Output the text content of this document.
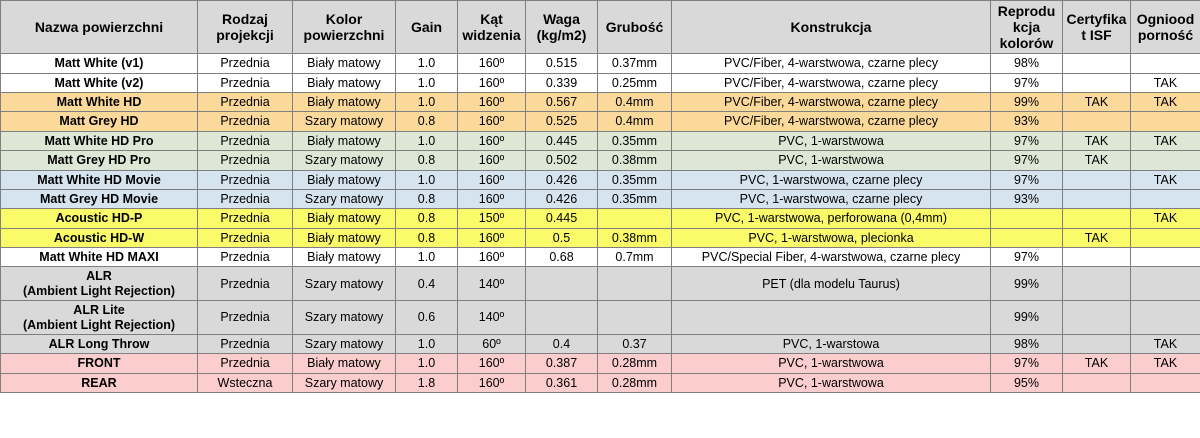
Nazwa powierzchni	Rodzaj projekcji	Kolor powierzchni	Gain	Kąt widzenia	Waga (kg/m2)	Grubość	Konstrukcja	Reprodukcja kolorów	Certyfikat ISF	Ognioodporność
Matt White (v1)	Przednia	Biały matowy	1.0	160º	0.515	0.37mm	PVC/Fiber, 4-warstwowa, czarne plecy	98%		
Matt White (v2)	Przednia	Biały matowy	1.0	160º	0.339	0.25mm	PVC/Fiber, 4-warstwowa, czarne plecy	97%		TAK
Matt White HD	Przednia	Biały matowy	1.0	160º	0.567	0.4mm	PVC/Fiber, 4-warstwowa, czarne plecy	99%	TAK	TAK
Matt Grey HD	Przednia	Szary matowy	0.8	160º	0.525	0.4mm	PVC/Fiber, 4-warstwowa, czarne plecy	93%		
Matt White HD Pro	Przednia	Biały matowy	1.0	160º	0.445	0.35mm	PVC, 1-warstwowa	97%	TAK	TAK
Matt Grey HD Pro	Przednia	Szary matowy	0.8	160º	0.502	0.38mm	PVC, 1-warstwowa	97%	TAK	
Matt White HD Movie	Przednia	Biały matowy	1.0	160º	0.426	0.35mm	PVC, 1-warstwowa, czarne plecy	97%		TAK
Matt Grey HD Movie	Przednia	Szary matowy	0.8	160º	0.426	0.35mm	PVC, 1-warstwowa, czarne plecy	93%		
Acoustic HD-P	Przednia	Biały matowy	0.8	150º	0.445		PVC, 1-warstwowa, perforowana (0,4mm)			TAK
Acoustic HD-W	Przednia	Biały matowy	0.8	160º	0.5	0.38mm	PVC, 1-warstwowa, plecionka		TAK	
Matt White HD MAXI	Przednia	Biały matowy	1.0	160º	0.68	0.7mm	PVC/Special Fiber, 4-warstwowa, czarne plecy	97%		
ALR
(Ambient Light Rejection)	Przednia	Szary matowy	0.4	140º			PET (dla modelu Taurus)	99%		
ALR Lite
(Ambient Light Rejection)	Przednia	Szary matowy	0.6	140º				99%		
ALR Long Throw	Przednia	Szary matowy	1.0	60º	0.4	0.37	PVC, 1-warstowa	98%		TAK
FRONT	Przednia	Biały matowy	1.0	160º	0.387	0.28mm	PVC, 1-warstwowa	97%	TAK	TAK
REAR	Wsteczna	Szary matowy	1.8	160º	0.361	0.28mm	PVC, 1-warstwowa	95%		
